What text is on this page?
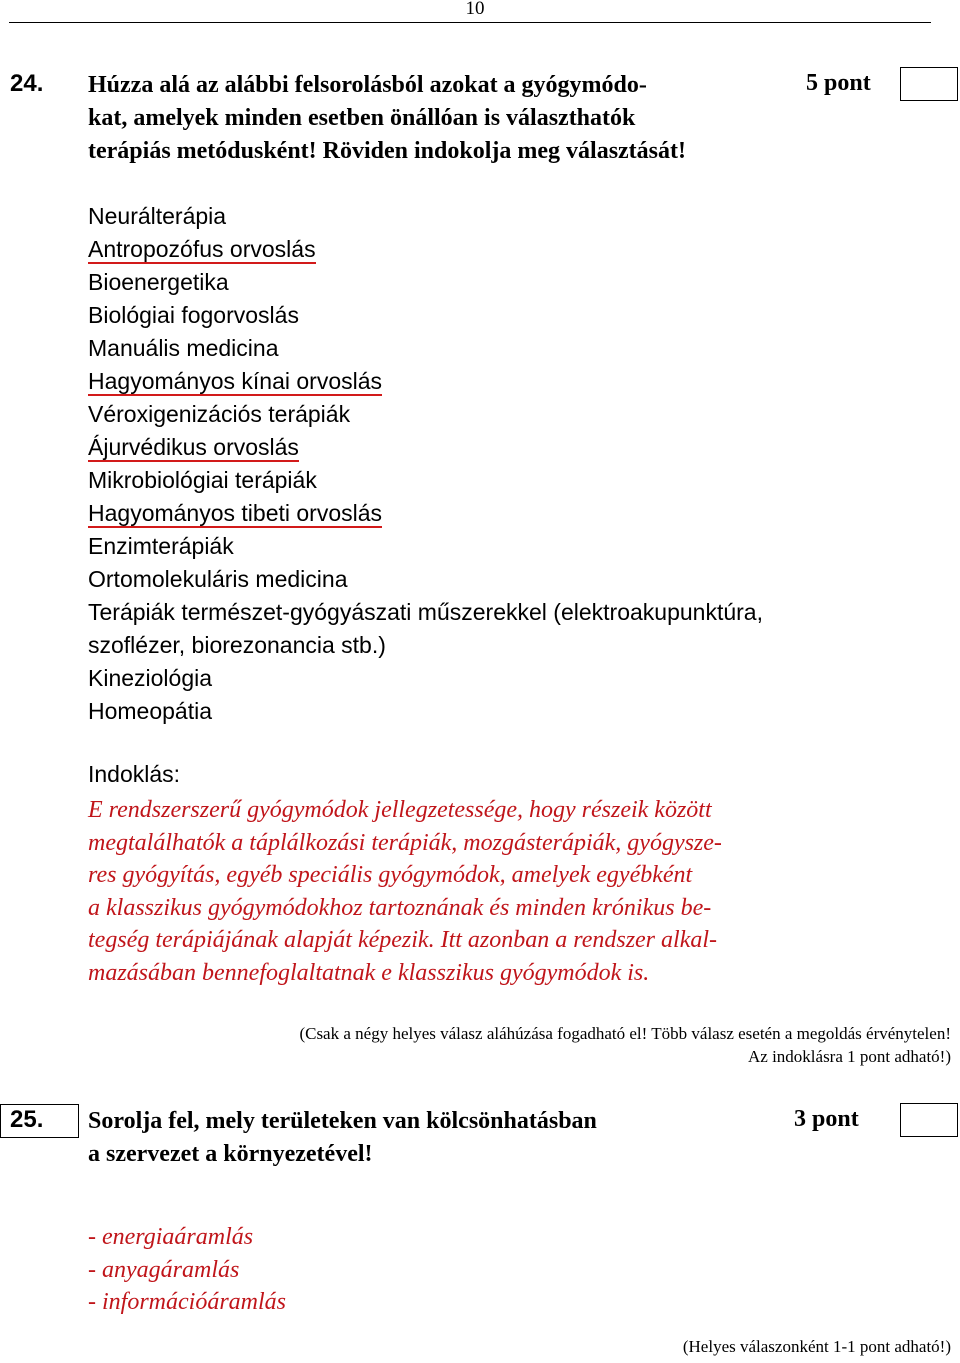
10
24. Húzza alá az alábbi felsorolásból azokat a gyógymódo-
kat, amelyek minden esetben önállóan is választhatók
terápiás metódusként! Röviden indokolja meg választását!
5 pont
Neurálterápia
Antropozófus orvoslás
Bioenergetika
Biológiai fogorvoslás
Manuális medicina
Hagyományos kínai orvoslás
Véroxigenizációs terápiák
Ájurvédikus orvoslás
Mikrobiológiai terápiák
Hagyományos tibeti orvoslás
Enzimterápiák
Ortomolekuláris medicina
Terápiák természet-gyógyászati műszerekkel (elektroakupunktúra,
szoflézer, biorezonancia stb.)
Kineziológia
Homeopátia
Indoklás:
E rendszerszerű gyógymódok jellegzetessége, hogy részeik között
megtalálhatók a táplálkozási terápiák, mozgásterápiák, gyógysze-
res gyógyítás, egyéb speciális gyógymódok, amelyek egyébként
a klasszikus gyógymódokhoz tartoznának és minden krónikus be-
tegség terápiájának alapját képezik. Itt azonban a rendszer alkal-
mazásában bennefoglaltatnak e klasszikus gyógymódok is.
(Csak a négy helyes válasz aláhúzása fogadható el! Több válasz esetén a megoldás érvénytelen!
Az indoklásra 1 pont adható!)
25. Sorolja fel, mely területeken van kölcsönhatásban
a szervezet a környezetével!
3 pont
- energiaáramlás
- anyagáramlás
- információáramlás
(Helyes válaszonként 1-1 pont adható!)
